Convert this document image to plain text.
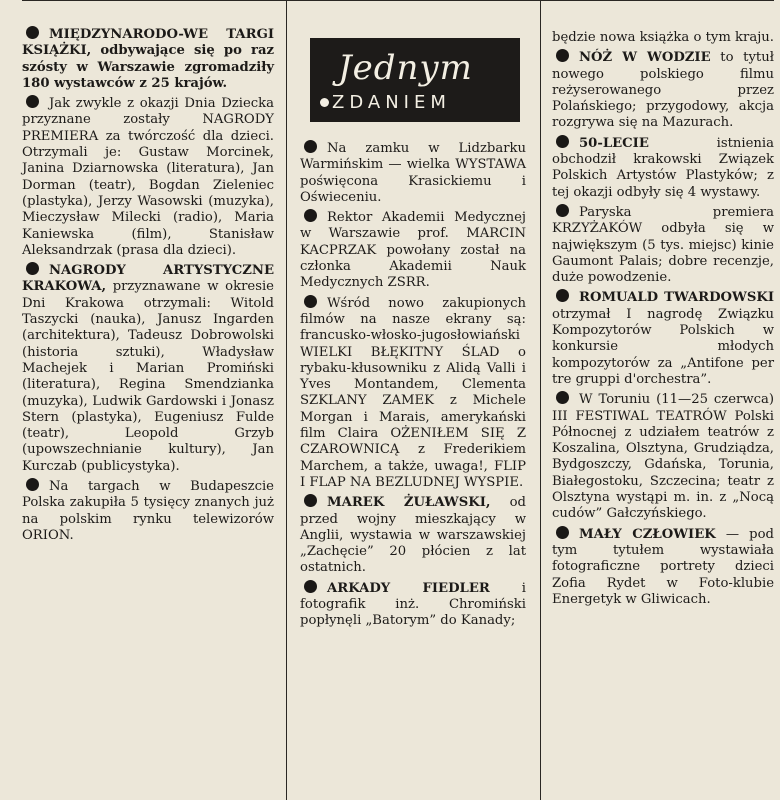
Jednym
ZDANIEM

MIĘDZYNARODO-WE TARGI KSIĄŻKI, odbywające się po raz szósty w Warszawie zgromadziły 180 wystawców z 25 krajów.

Jak zwykle z okazji Dnia Dziecka przyznane zostały NAGRODY PREMIERA za twórczość dla dzieci. Otrzymali je: Gustaw Morcinek, Janina Dziarnowska (literatura), Jan Dorman (teatr), Bogdan Zieleniec (plastyka), Jerzy Wasowski (muzyka), Mieczysław Milecki (radio), Maria Kaniewska (film), Stanisław Aleksandrzak (prasa dla dzieci).

NAGRODY ARTYSTYCZNE KRAKOWA, przyznawane w okresie Dni Krakowa otrzymali: Witold Taszycki (nauka), Janusz Ingarden (architektura), Tadeusz Dobrowolski (historia sztuki), Władysław Machejek i Marian Promiński (literatura), Regina Smendzianka (muzyka), Ludwik Gardowski i Jonasz Stern (plastyka), Eugeniusz Fulde (teatr), Leopold Grzyb (upowszechnianie kultury), Jan Kurczab (publicystyka).

Na targach w Budapeszcie Polska zakupiła 5 tysięcy znanych już na polskim rynku telewizorów ORION.

Na zamku w Lidzbarku Warmińskim — wielka WYSTAWA poświęcona Krasickiemu i Oświeceniu.

Rektor Akademii Medycznej w Warszawie prof. MARCIN KACPRZAK powołany został na członka Akademii Nauk Medycznych ZSRR.

Wśród nowo zakupionych filmów na nasze ekrany są: francusko-włosko-jugosłowiański WIELKI BŁĘKITNY ŚLAD o rybaku-kłusowniku z Alidą Valli i Yves Montandem, Clementa SZKLANY ZAMEK z Michele Morgan i Marais, amerykański film Claira OŻENIŁEM SIĘ Z CZAROWNICĄ z Frederikiem Marchem, a także, uwaga!, FLIP I FLAP NA BEZLUDNEJ WYSPIE.

MAREK ŻUŁAWSKI, od przed wojny mieszkający w Anglii, wystawia w warszawskiej „Zachęcie” 20 płócien z lat ostatnich.

ARKADY FIEDLER i fotografik inż. Chromiński popłynęli „Batorym” do Kanady;

będzie nowa książka o tym kraju.

NÓŻ W WODZIE to tytuł nowego polskiego filmu reżyserowanego przez Polańskiego; przygodowy, akcja rozgrywa się na Mazurach.

50-LECIE	istnienia obchodził krakowski Związek Polskich Artystów Plastyków; z tej okazji odbyły się 4 wystawy.

Paryska premiera KRZYŻAKÓW odbyła się w największym (5 tys. miejsc) kinie Gaumont Palais; dobre recenzje, duże powodzenie.

ROMUALD TWARDOWSKI otrzymał I nagrodę Związku Kompozytorów Polskich w konkursie młodych kompozytorów za „Antifone per tre gruppi d'orchestra”.

W Toruniu (11—25 czerwca) III FESTIWAL TEATRÓW Polski Północnej z udziałem teatrów z Koszalina, Olsztyna, Grudziądza, Bydgoszczy, Gdańska, Torunia, Białegostoku, Szczecina; teatr z Olsztyna wystąpi m. in. z „Nocą cudów” Gałczyńskiego.

MAŁY CZŁOWIEK — pod tym tytułem wystawiała fotograficzne portrety dzieci Zofia Rydet w Foto-klubie Energetyk w Gliwicach.
